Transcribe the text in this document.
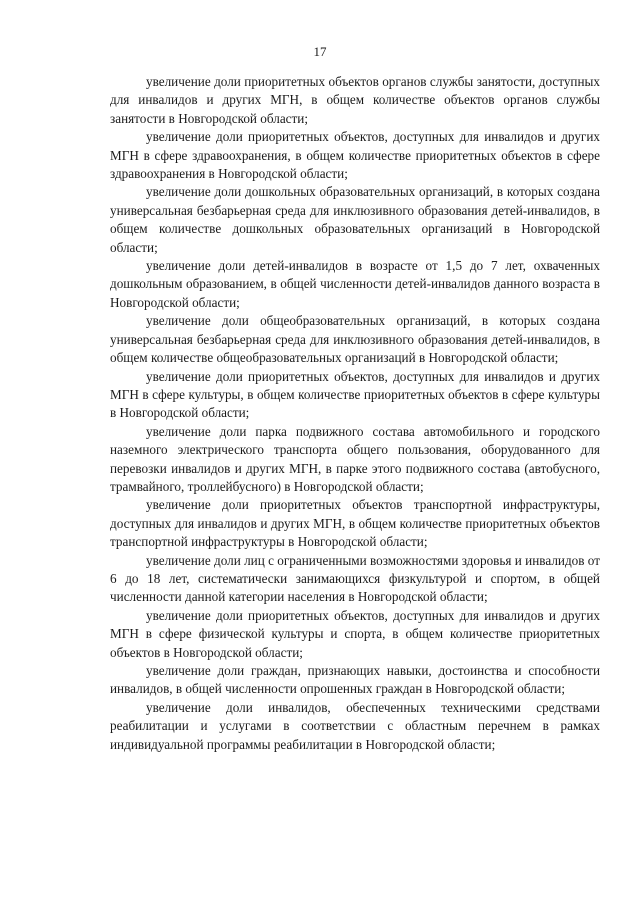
17

увеличение доли приоритетных объектов органов службы занятости, доступных для инвалидов и других МГН, в общем количестве объектов органов службы занятости в Новгородской области;

увеличение доли приоритетных объектов, доступных для инвалидов и других МГН в сфере здравоохранения, в общем количестве приоритетных объектов в сфере здравоохранения в Новгородской области;

увеличение доли дошкольных образовательных организаций, в которых создана универсальная безбарьерная среда для инклюзивного образования детей-инвалидов, в общем количестве дошкольных образовательных организаций в Новгородской области;

увеличение доли детей-инвалидов в возрасте от 1,5 до 7 лет, охваченных дошкольным образованием, в общей численности детей-инвалидов данного возраста в Новгородской области;

увеличение доли общеобразовательных организаций, в которых создана универсальная безбарьерная среда для инклюзивного образования детей-инвалидов, в общем количестве общеобразовательных организаций в Новгородской области;

увеличение доли приоритетных объектов, доступных для инвалидов и других МГН в сфере культуры, в общем количестве приоритетных объектов в сфере культуры в Новгородской области;

увеличение доли парка подвижного состава автомобильного и городского наземного электрического транспорта общего пользования, оборудованного для перевозки инвалидов и других МГН, в парке этого подвижного состава (автобусного, трамвайного, троллейбусного) в Новгородской области;

увеличение доли приоритетных объектов транспортной инфраструктуры, доступных для инвалидов и других МГН, в общем количестве приоритетных объектов транспортной инфраструктуры в Новгородской области;

увеличение доли лиц с ограниченными возможностями здоровья и инвалидов от 6 до 18 лет, систематически занимающихся физкультурой и спортом, в общей численности данной категории населения в Новгородской области;

увеличение доли приоритетных объектов, доступных для инвалидов и других МГН в сфере физической культуры и спорта, в общем количестве приоритетных объектов в Новгородской области;

увеличение доли граждан, признающих навыки, достоинства и способности инвалидов, в общей численности опрошенных граждан в Новгородской области;

увеличение доли инвалидов, обеспеченных техническими средствами реабилитации и услугами в соответствии с областным перечнем в рамках индивидуальной программы реабилитации в Новгородской области;
